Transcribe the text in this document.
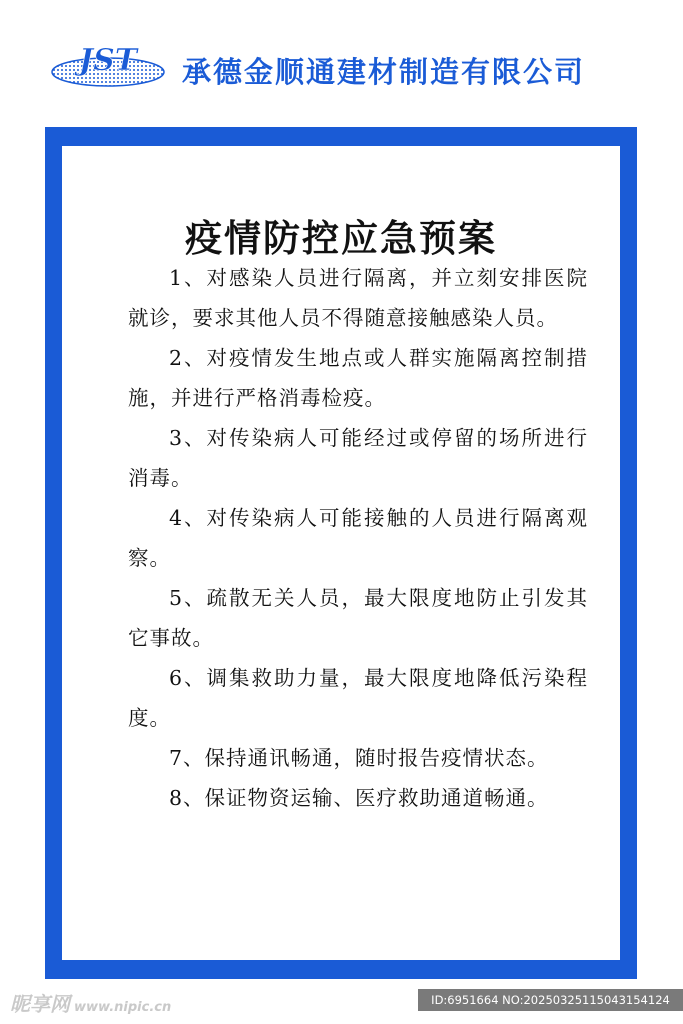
JST 承德金顺通建材制造有限公司
疫情防控应急预案
1、对感染人员进行隔离，并立刻安排医院就诊，要求其他人员不得随意接触感染人员。
2、对疫情发生地点或人群实施隔离控制措施，并进行严格消毒检疫。
3、对传染病人可能经过或停留的场所进行消毒。
4、对传染病人可能接触的人员进行隔离观察。
5、疏散无关人员，最大限度地防止引发其它事故。
6、调集救助力量，最大限度地降低污染程度。
7、保持通讯畅通，随时报告疫情状态。
8、保证物资运输、医疗救助通道畅通。
昵享网 www.nipic.cn	ID:6951664 NO:20250325115043154124
